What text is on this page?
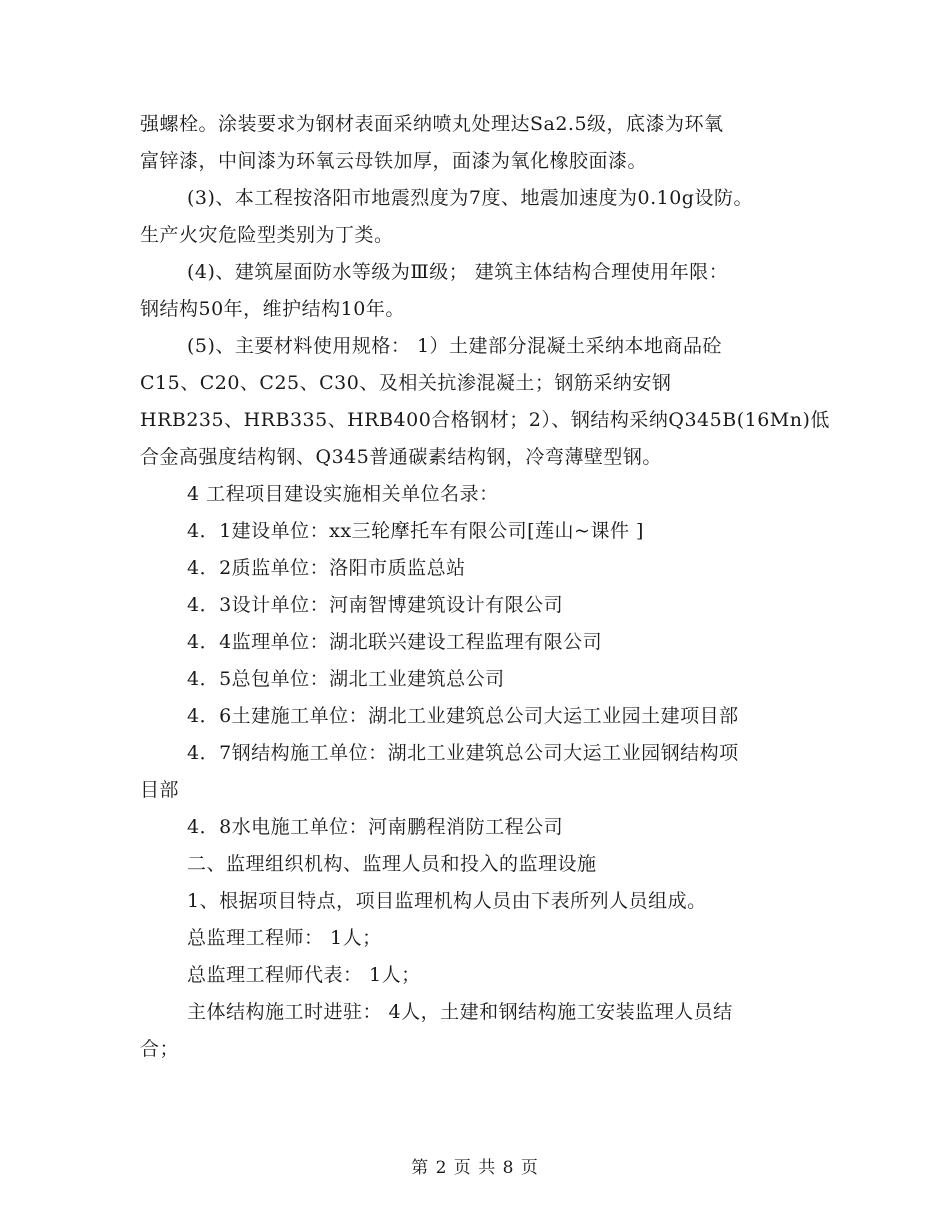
强螺栓。涂装要求为钢材表面采纳喷丸处理达Sa2.5级，底漆为环氧
富锌漆，中间漆为环氧云母铁加厚，面漆为氧化橡胶面漆。
(3)、本工程按洛阳市地震烈度为7度、地震加速度为0.10g设防。
生产火灾危险型类别为丁类。
(4)、建筑屋面防水等级为Ⅲ级； 建筑主体结构合理使用年限：
钢结构50年，维护结构10年。
(5)、主要材料使用规格： 1）土建部分混凝土采纳本地商品砼
C15、C20、C25、C30、及相关抗渗混凝土；钢筋采纳安钢
HRB235、HRB335、HRB400合格钢材；2）、钢结构采纳Q345B(16Mn)低
合金高强度结构钢、Q345普通碳素结构钢，冷弯薄壁型钢。
4 工程项目建设实施相关单位名录：
4．1建设单位：xx三轮摩托车有限公司[莲山~课件 ]
4．2质监单位：洛阳市质监总站
4．3设计单位：河南智博建筑设计有限公司
4．4监理单位：湖北联兴建设工程监理有限公司
4．5总包单位：湖北工业建筑总公司
4．6土建施工单位：湖北工业建筑总公司大运工业园土建项目部
4．7钢结构施工单位：湖北工业建筑总公司大运工业园钢结构项
目部
4．8水电施工单位：河南鹏程消防工程公司
二、监理组织机构、监理人员和投入的监理设施
1、根据项目特点，项目监理机构人员由下表所列人员组成。
总监理工程师： 1人；
总监理工程师代表： 1人；
主体结构施工时进驻： 4人，土建和钢结构施工安装监理人员结
合；
第 2 页 共 8 页
